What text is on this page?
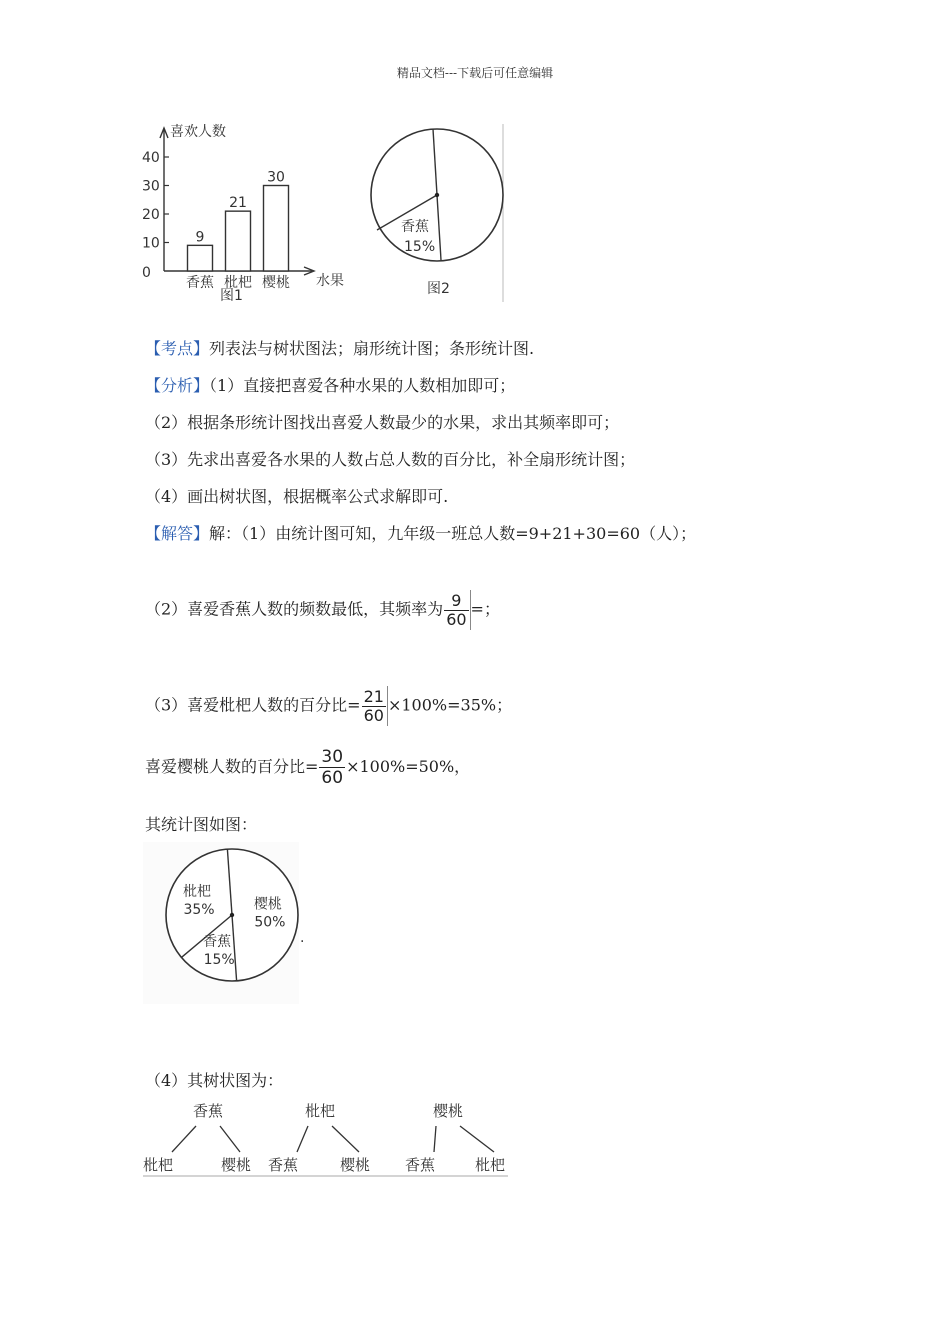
精品文档---下载后可任意编辑
喜欢人数
水果
40
30
20
10
0
9
香蕉
21
枇杷
30
樱桃
图1
香蕉
15%
图2
【考点】列表法与树状图法；扇形统计图；条形统计图.
【分析】（1）直接把喜爱各种水果的人数相加即可；
（2）根据条形统计图找出喜爱人数最少的水果，求出其频率即可；
（3）先求出喜爱各水果的人数占总人数的百分比，补全扇形统计图；
（4）画出树状图，根据概率公式求解即可.
【解答】解：（1）由统计图可知，九年级一班总人数=9+21+30=60（人）；
（2）喜爱香蕉人数的频数最低，其频率为 $\frac{9}{60}$ =；
（3）喜爱枇杷人数的百分比= $\frac{21}{60} \times 100\%=35\%$；
喜爱樱桃人数的百分比= $\frac{30}{60} \times 100\%=50\%$，
其统计图如图：
枇杷
35%	樱桃
50%
香蕉
15%
.
（4）其树状图为：
香蕉
枇杷	樱桃
枇杷
香蕉	樱桃
樱桃
香蕉	枇杷
